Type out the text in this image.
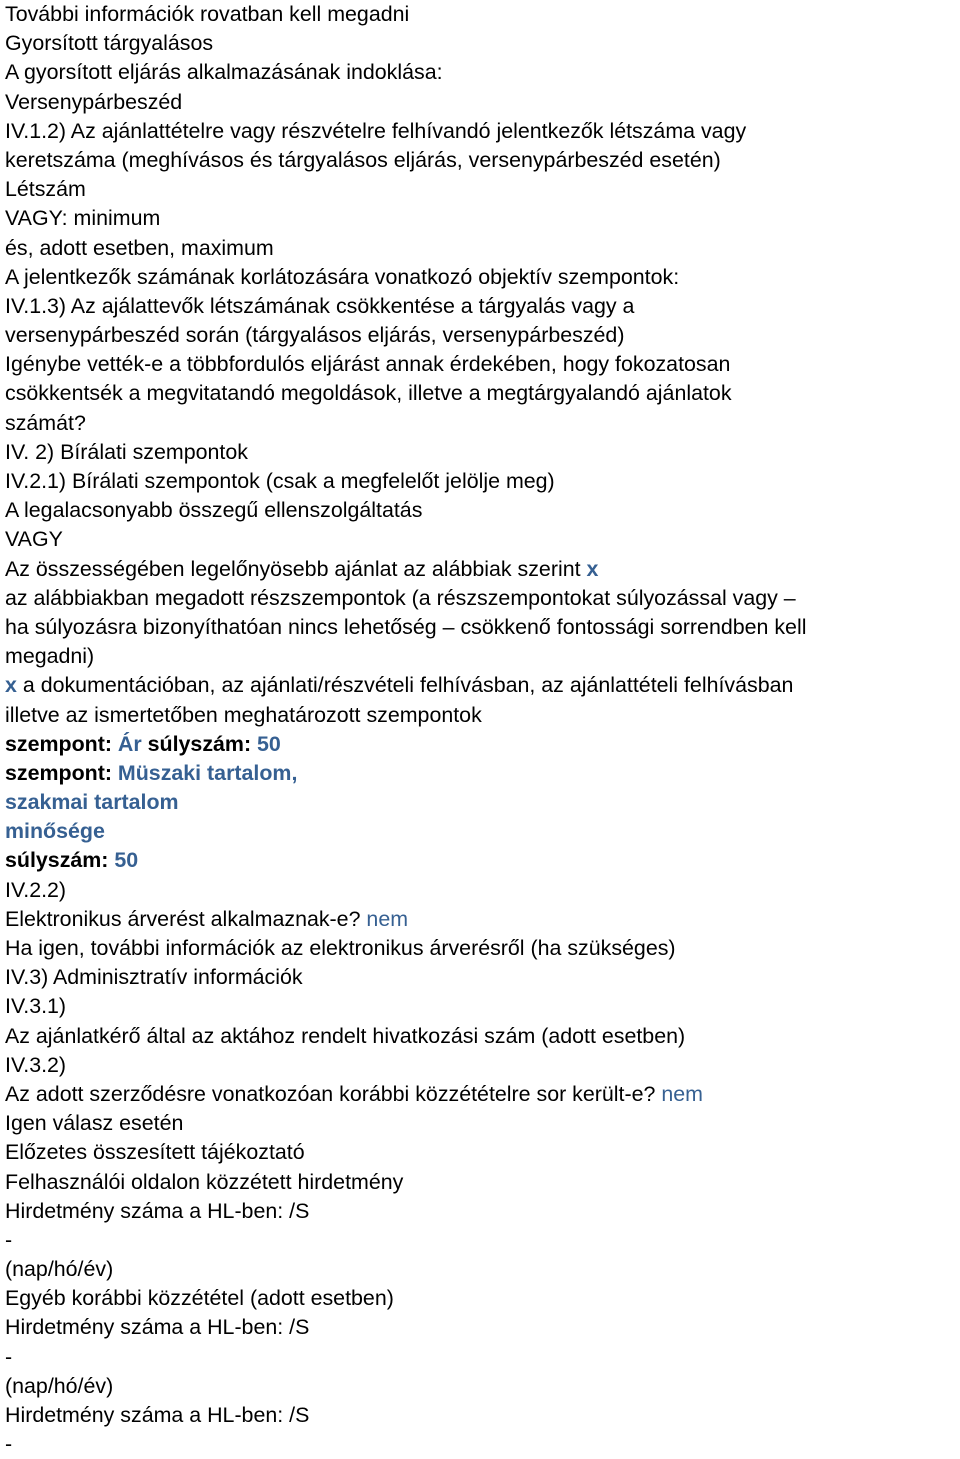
További információk rovatban kell megadni
Gyorsított tárgyalásos
A gyorsított eljárás alkalmazásának indoklása:
Versenypárbeszéd
IV.1.2) Az ajánlattételre vagy részvételre felhívandó jelentkezők létszáma vagy
keretszáma (meghívásos és tárgyalásos eljárás, versenypárbeszéd esetén)
Létszám
VAGY: minimum
és, adott esetben, maximum
A jelentkezők számának korlátozására vonatkozó objektív szempontok:
IV.1.3) Az ajálattevők létszámának csökkentése a tárgyalás vagy a
versenypárbeszéd során (tárgyalásos eljárás, versenypárbeszéd)
Igénybe vették-e a többfordulós eljárást annak érdekében, hogy fokozatosan
csökkentsék a megvitatandó megoldások, illetve a megtárgyalandó ajánlatok
számát?
IV. 2) Bírálati szempontok
IV.2.1) Bírálati szempontok (csak a megfelelőt jelölje meg)
A legalacsonyabb összegű ellenszolgáltatás
VAGY
Az összességében legelőnyösebb ajánlat az alábbiak szerint x
az alábbiakban megadott részszempontok (a részszempontokat súlyozással vagy –
ha súlyozásra bizonyíthatóan nincs lehetőség – csökkenő fontossági sorrendben kell
megadni)
x a dokumentációban, az ajánlati/részvételi felhívásban, az ajánlattételi felhívásban
illetve az ismertetőben meghatározott szempontok
szempont: Ár súlyszám: 50
szempont: Müszaki tartalom,
szakmai tartalom
minősége
súlyszám: 50
IV.2.2)
Elektronikus árverést alkalmaznak-e? nem
Ha igen, további információk az elektronikus árverésről (ha szükséges)
IV.3) Adminisztratív információk
IV.3.1)
Az ajánlatkérő által az aktához rendelt hivatkozási szám (adott esetben)
IV.3.2)
Az adott szerződésre vonatkozóan korábbi közzétételre sor került-e? nem
Igen válasz esetén
Előzetes összesített tájékoztató
Felhasználói oldalon közzétett hirdetmény
Hirdetmény száma a HL-ben: /S
-
(nap/hó/év)
Egyéb korábbi közzététel (adott esetben)
Hirdetmény száma a HL-ben: /S
-
(nap/hó/év)
Hirdetmény száma a HL-ben: /S
-
